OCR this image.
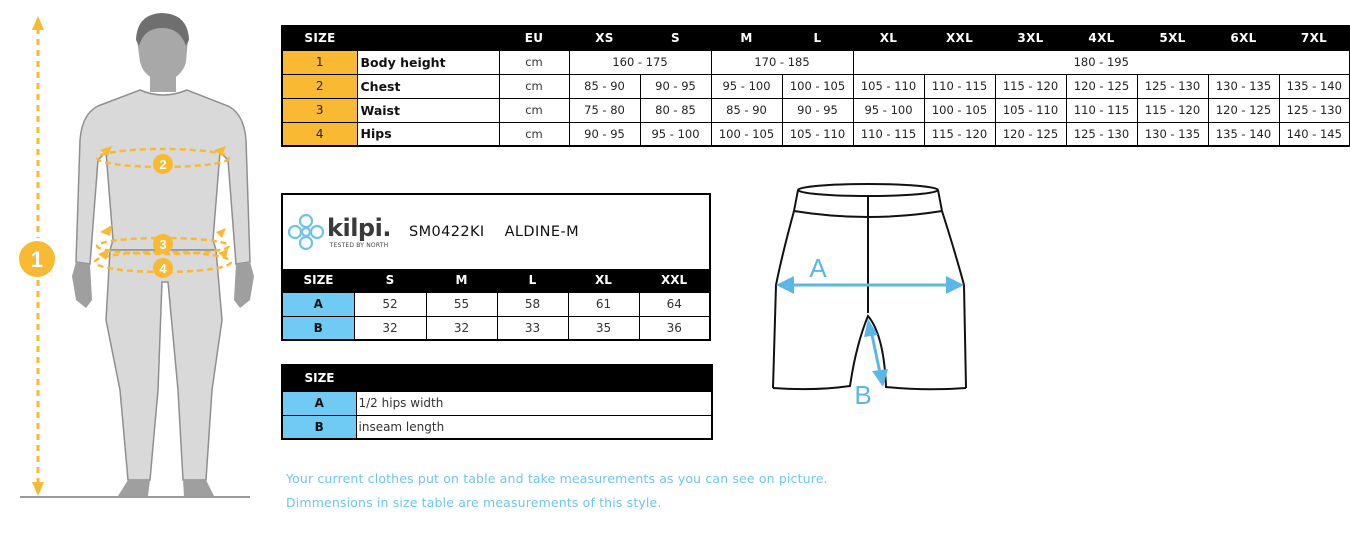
1
2
3
4
SIZE		EU	XS	S	M	L	XL	XXL	3XL	4XL	5XL	6XL	7XL
1	Body height	cm	160 - 175		170 - 185		180 - 195						
2	Chest	cm	85 - 90	90 - 95	95 - 100	100 - 105	105 - 110	110 - 115	115 - 120	120 - 125	125 - 130	130 - 135	135 - 140
3	Waist	cm	75 - 80	80 - 85	85 - 90	90 - 95	95 - 100	100 - 105	105 - 110	110 - 115	115 - 120	120 - 125	125 - 130
4	Hips	cm	90 - 95	95 - 100	100 - 105	105 - 110	110 - 115	115 - 120	120 - 125	125 - 130	130 - 135	135 - 140	140 - 145
kilpi.
TESTED BY NORTH
SM0422KI ALDINE-M					

SIZE	S	M	L	XL	XXL
A	52	55	58	61	64
B	32	32	33	35	36
SIZE	
A	1/2 hips width
B	inseam length
A
B
Your current clothes put on table and take measurements as you can see on picture.
Dimmensions in size table are measurements of this style.
